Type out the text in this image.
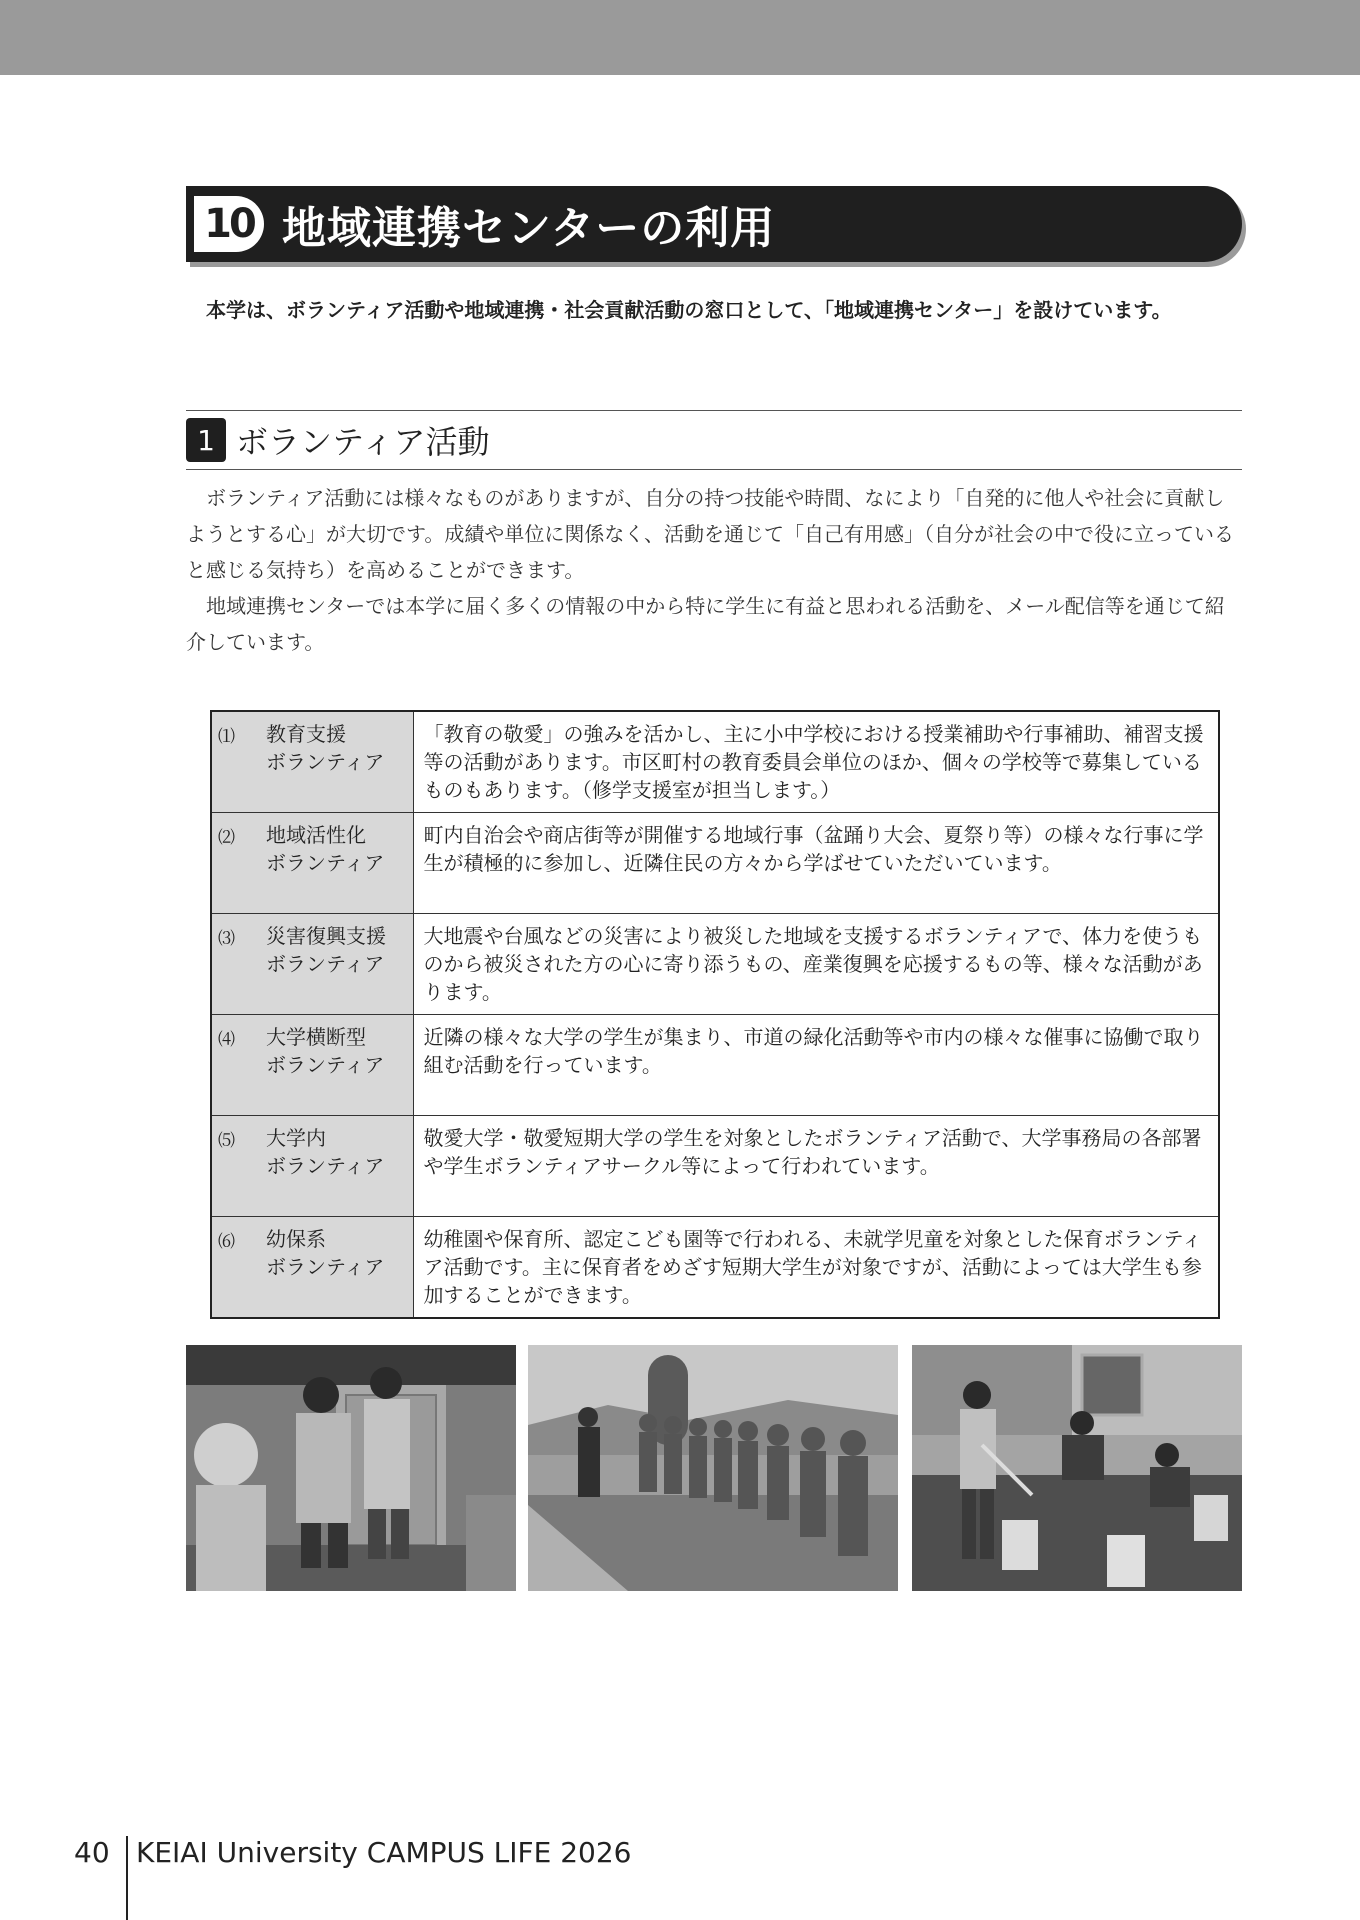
10 地域連携センターの利用

本学は、ボランティア活動や地域連携・社会貢献活動の窓口として、「地域連携センター」を設けています。

1 ボランティア活動

ボランティア活動には様々なものがありますが、自分の持つ技能や時間、なにより「自発的に他人や社会に貢献しようとする心」が大切です。成績や単位に関係なく、活動を通じて「自己有用感」（自分が社会の中で役に立っていると感じる気持ち）を高めることができます。

地域連携センターでは本学に届く多くの情報の中から特に学生に有益と思われる活動を、メール配信等を通じて紹介しています。

⑴ 教育支援
ボランティア	「教育の敬愛」の強みを活かし、主に小中学校における授業補助や行事補助、補習支援等の活動があります。市区町村の教育委員会単位のほか、個々の学校等で募集しているものもあります。（修学支援室が担当します。）

⑵ 地域活性化
ボランティア	町内自治会や商店街等が開催する地域行事（盆踊り大会、夏祭り等）の様々な行事に学生が積極的に参加し、近隣住民の方々から学ばせていただいています。

⑶ 災害復興支援
ボランティア	大地震や台風などの災害により被災した地域を支援するボランティアで、体力を使うものから被災された方の心に寄り添うもの、産業復興を応援するもの等、様々な活動があります。

⑷ 大学横断型
ボランティア	近隣の様々な大学の学生が集まり、市道の緑化活動等や市内の様々な催事に協働で取り組む活動を行っています。

⑸ 大学内
ボランティア	敬愛大学・敬愛短期大学の学生を対象としたボランティア活動で、大学事務局の各部署や学生ボランティアサークル等によって行われています。

⑹ 幼保系
ボランティア	幼稚園や保育所、認定こども園等で行われる、未就学児童を対象とした保育ボランティア活動です。主に保育者をめざす短期大学生が対象ですが、活動によっては大学生も参加することができます。
40 KEIAI University CAMPUS LIFE 2026
